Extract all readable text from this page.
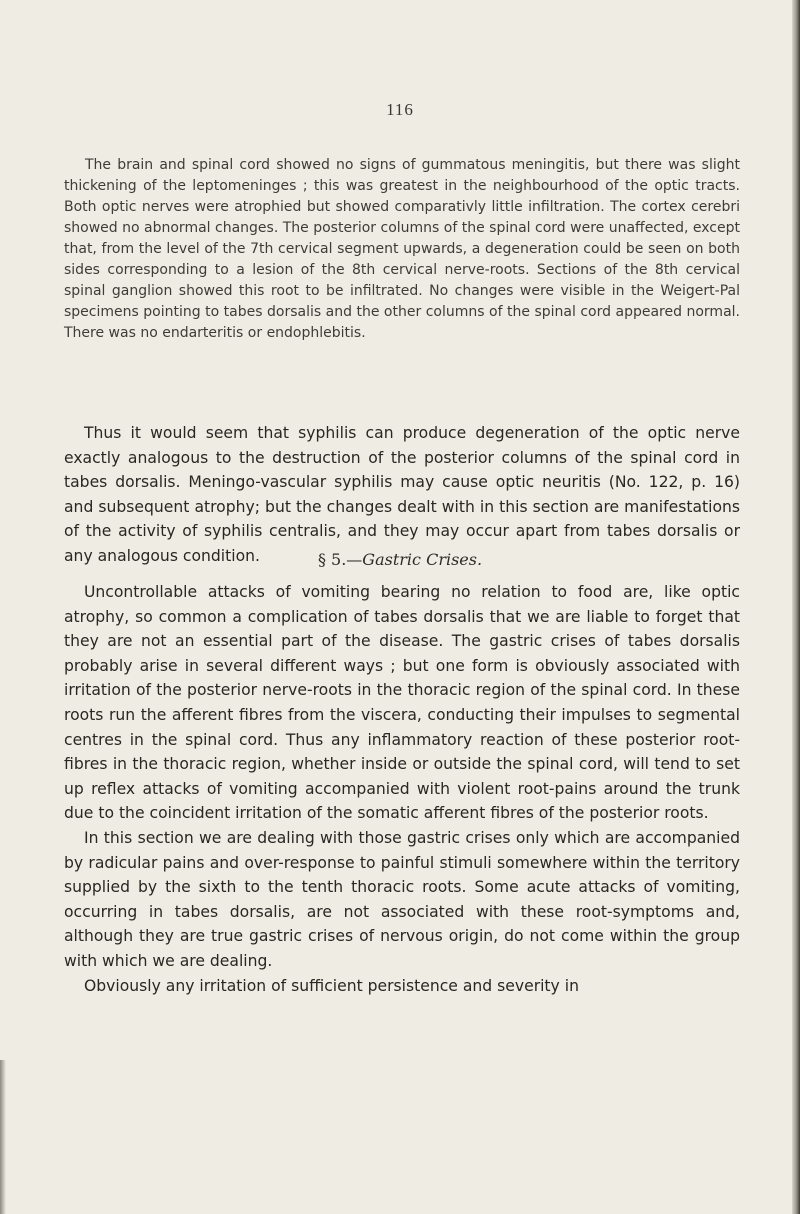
116

The brain and spinal cord showed no signs of gummatous meningitis, but there was slight thickening of the leptomeninges ; this was greatest in the neighbourhood of the optic tracts. Both optic nerves were atrophied but showed comparativly little infiltration. The cortex cerebri showed no abnormal changes. The posterior columns of the spinal cord were unaffected, except that, from the level of the 7th cervical segment upwards, a degeneration could be seen on both sides corresponding to a lesion of the 8th cervical nerve-roots. Sections of the 8th cervical spinal ganglion showed this root to be infiltrated. No changes were visible in the Weigert-Pal specimens pointing to tabes dorsalis and the other columns of the spinal cord appeared normal. There was no endarteritis or endophlebitis.

Thus it would seem that syphilis can produce degeneration of the optic nerve exactly analogous to the destruction of the posterior columns of the spinal cord in tabes dorsalis. Meningo-vascular syphilis may cause optic neuritis (No. 122, p. 16) and subsequent atrophy; but the changes dealt with in this section are manifestations of the activity of syphilis centralis, and they may occur apart from tabes dorsalis or any analogous condition.	§ 5.—Gastric Crises.

Uncontrollable attacks of vomiting bearing no relation to food are, like optic atrophy, so common a complication of tabes dorsalis that we are liable to forget that they are not an essential part of the disease. The gastric crises of tabes dorsalis probably arise in several different ways ; but one form is obviously associated with irritation of the posterior nerve-roots in the thoracic region of the spinal cord. In these roots run the afferent fibres from the viscera, conducting their impulses to segmental centres in the spinal cord. Thus any inflammatory reaction of these posterior root-fibres in the thoracic region, whether inside or outside the spinal cord, will tend to set up reflex attacks of vomiting accompanied with violent root-pains around the trunk due to the coincident irritation of the somatic afferent fibres of the posterior roots.

In this section we are dealing with those gastric crises only which are accompanied by radicular pains and over-response to painful stimuli somewhere within the territory supplied by the sixth to the tenth thoracic roots. Some acute attacks of vomiting, occurring in tabes dorsalis, are not associated with these root-symptoms and, although they are true gastric crises of nervous origin, do not come within the group with which we are dealing.

Obviously any irritation of sufficient persistence and severity in
